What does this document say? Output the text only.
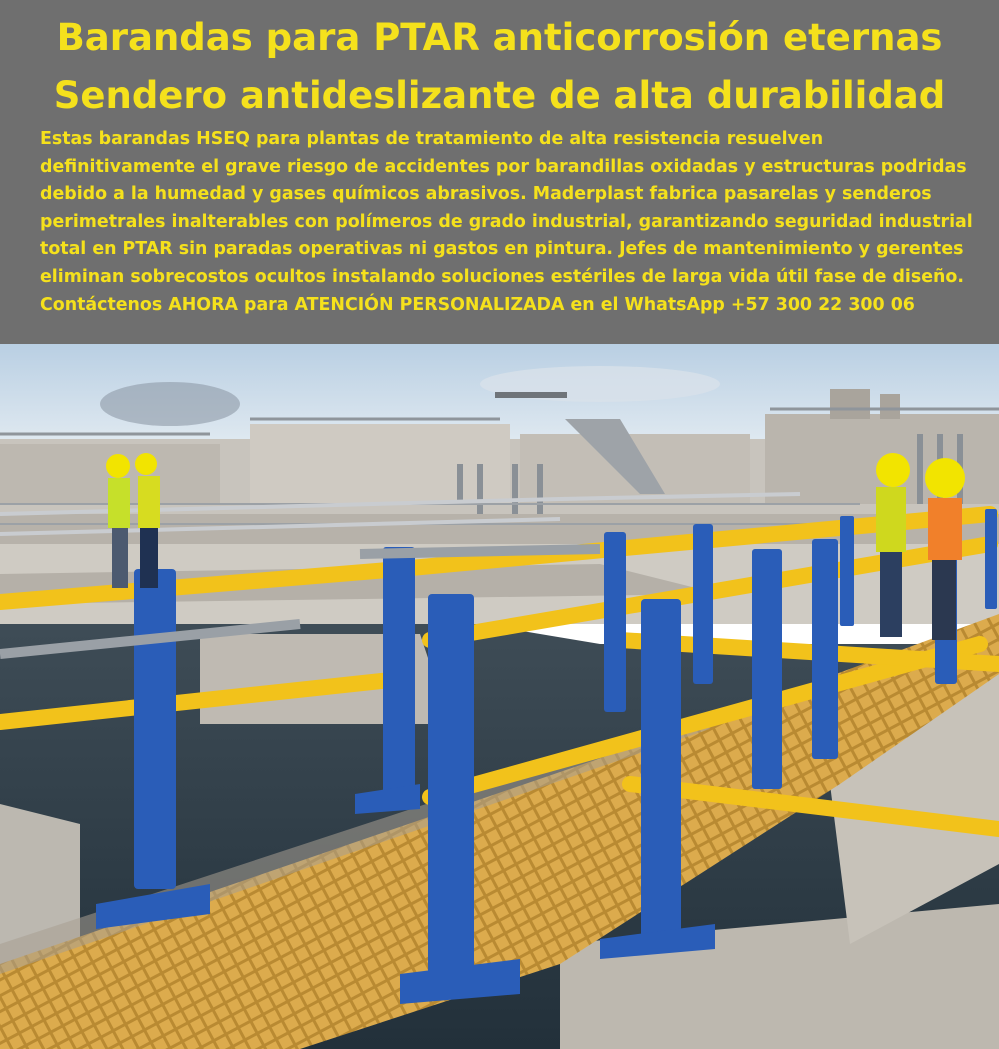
Barandas para PTAR anticorrosión eternas
Sendero antideslizante de alta durabilidad
Estas barandas HSEQ para plantas de tratamiento de alta resistencia resuelven
definitivamente el grave riesgo de accidentes por barandillas oxidadas y estructuras podridas
debido a la humedad y gases químicos abrasivos. Maderplast fabrica pasarelas y senderos
perimetrales inalterables con polímeros de grado industrial, garantizando seguridad industrial
total en PTAR sin paradas operativas ni gastos en pintura. Jefes de mantenimiento y gerentes
eliminan sobrecostos ocultos instalando soluciones estériles de larga vida útil fase de diseño.
Contáctenos AHORA para ATENCIÓN PERSONALIZADA en el WhatsApp +57 300 22 300 06
